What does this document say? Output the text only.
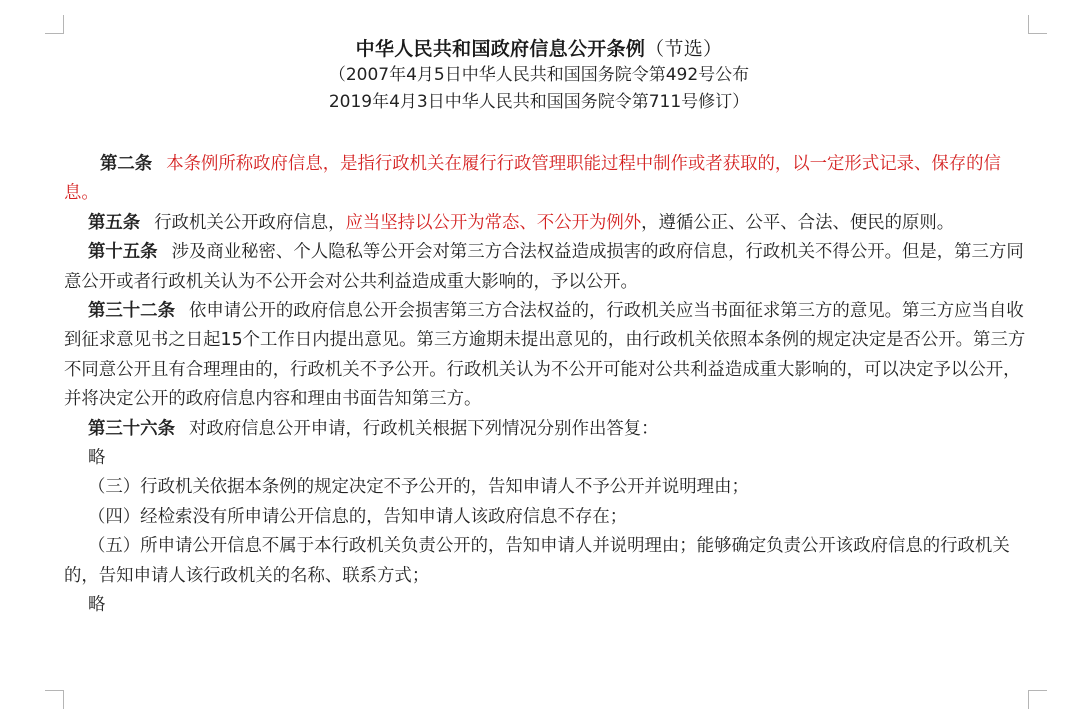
中华人民共和国政府信息公开条例（节选）
（2007年4月5日中华人民共和国国务院令第492号公布
2019年4月3日中华人民共和国国务院令第711号修订）

第二条 本条例所称政府信息，是指行政机关在履行行政管理职能过程中制作或者获取的，以一定形式记录、保存的信息。

第五条 行政机关公开政府信息，应当坚持以公开为常态、不公开为例外，遵循公正、公平、合法、便民的原则。

第十五条 涉及商业秘密、个人隐私等公开会对第三方合法权益造成损害的政府信息，行政机关不得公开。但是，第三方同意公开或者行政机关认为不公开会对公共利益造成重大影响的，予以公开。

第三十二条 依申请公开的政府信息公开会损害第三方合法权益的，行政机关应当书面征求第三方的意见。第三方应当自收到征求意见书之日起15个工作日内提出意见。第三方逾期未提出意见的，由行政机关依照本条例的规定决定是否公开。第三方不同意公开且有合理理由的，行政机关不予公开。行政机关认为不公开可能对公共利益造成重大影响的，可以决定予以公开，并将决定公开的政府信息内容和理由书面告知第三方。

第三十六条 对政府信息公开申请，行政机关根据下列情况分别作出答复：

略

（三）行政机关依据本条例的规定决定不予公开的，告知申请人不予公开并说明理由；

（四）经检索没有所申请公开信息的，告知申请人该政府信息不存在；

（五）所申请公开信息不属于本行政机关负责公开的，告知申请人并说明理由；能够确定负责公开该政府信息的行政机关的，告知申请人该行政机关的名称、联系方式；

略
